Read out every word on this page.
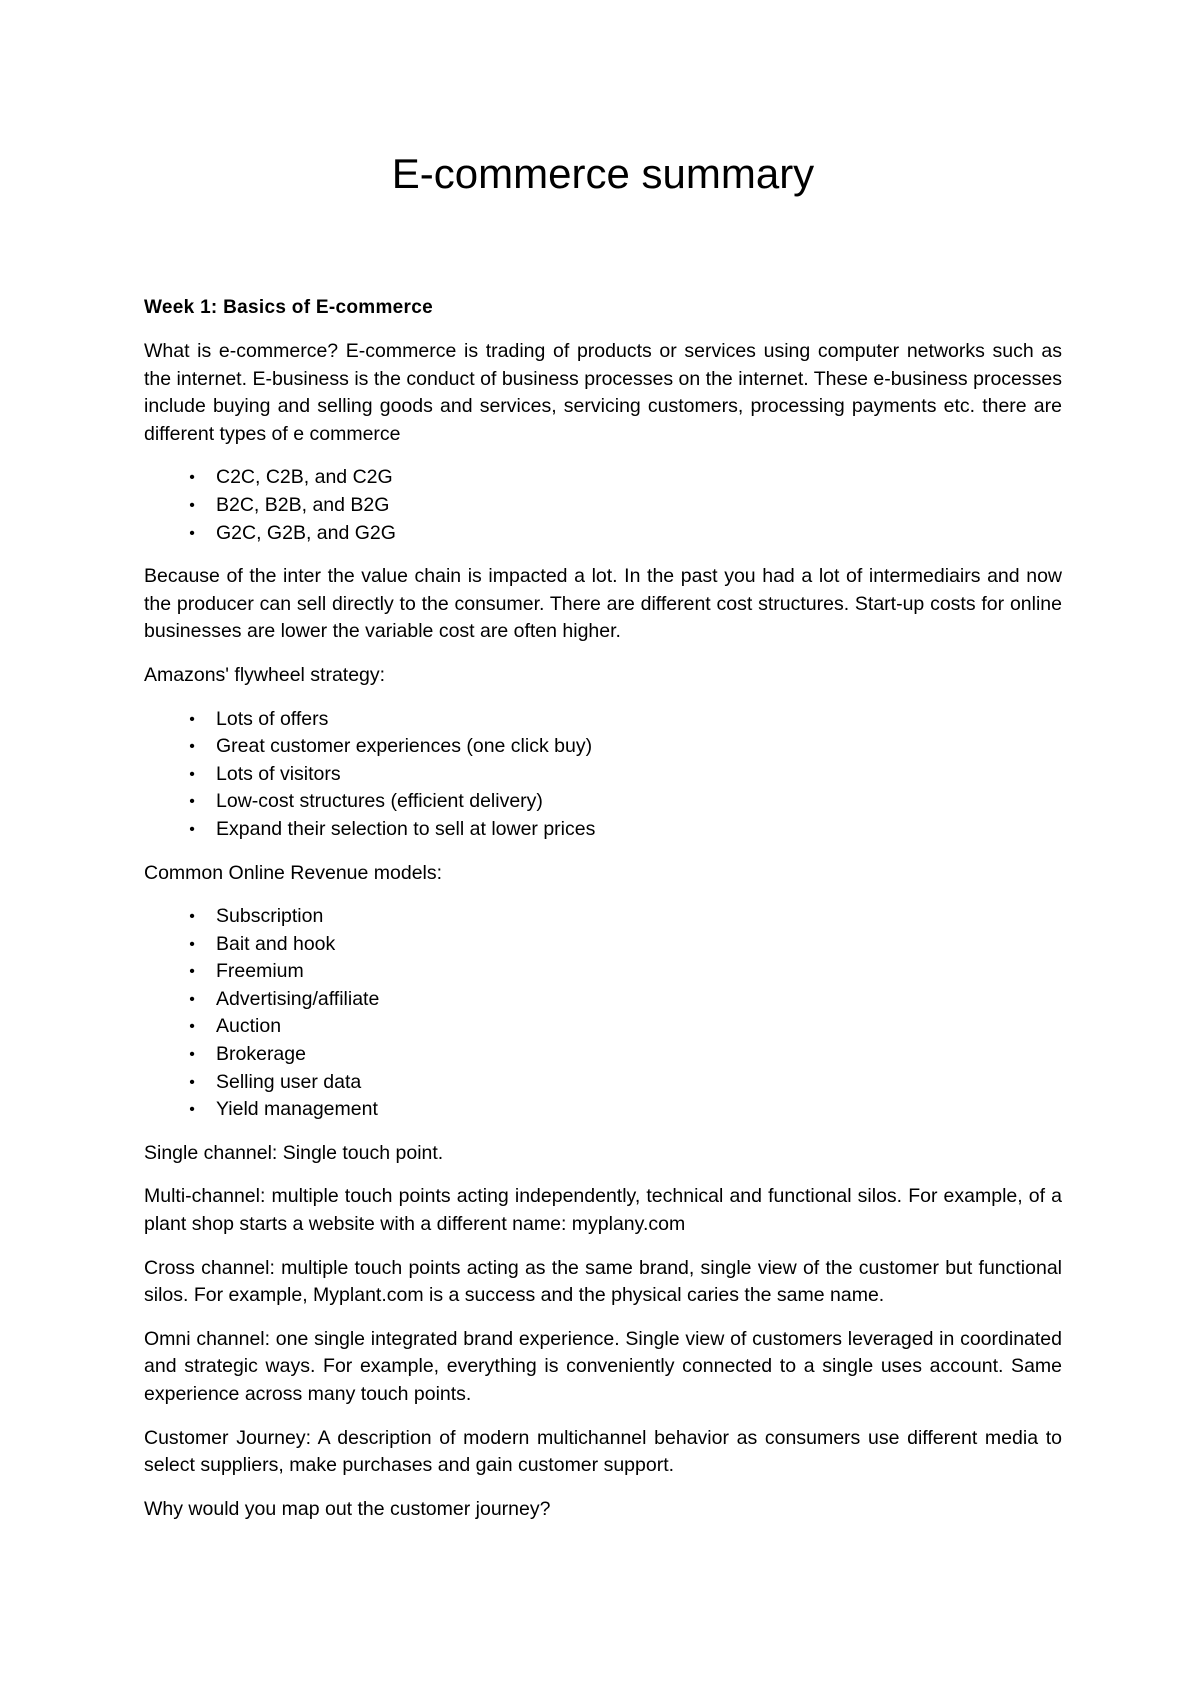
E-commerce summary
Week 1: Basics of E-commerce

What is e-commerce? E-commerce is trading of products or services using computer networks such as the internet. E-business is the conduct of business processes on the internet. These e-business processes include buying and selling goods and services, servicing customers, processing payments etc. there are different types of e commerce

• C2C, C2B, and C2G
• B2C, B2B, and B2G
• G2C, G2B, and G2G

Because of the inter the value chain is impacted a lot. In the past you had a lot of intermediairs and now the producer can sell directly to the consumer. There are different cost structures. Start-up costs for online businesses are lower the variable cost are often higher.

Amazons' flywheel strategy:

• Lots of offers
• Great customer experiences (one click buy)
• Lots of visitors
• Low-cost structures (efficient delivery)
• Expand their selection to sell at lower prices

Common Online Revenue models:

• Subscription
• Bait and hook
• Freemium
• Advertising/affiliate
• Auction
• Brokerage
• Selling user data
• Yield management

Single channel: Single touch point.

Multi-channel: multiple touch points acting independently, technical and functional silos. For example, of a plant shop starts a website with a different name: myplany.com

Cross channel: multiple touch points acting as the same brand, single view of the customer but functional silos. For example, Myplant.com is a success and the physical caries the same name.

Omni channel: one single integrated brand experience. Single view of customers leveraged in coordinated and strategic ways. For example, everything is conveniently connected to a single uses account. Same experience across many touch points.

Customer Journey: A description of modern multichannel behavior as consumers use different media to select suppliers, make purchases and gain customer support.

Why would you map out the customer journey?
